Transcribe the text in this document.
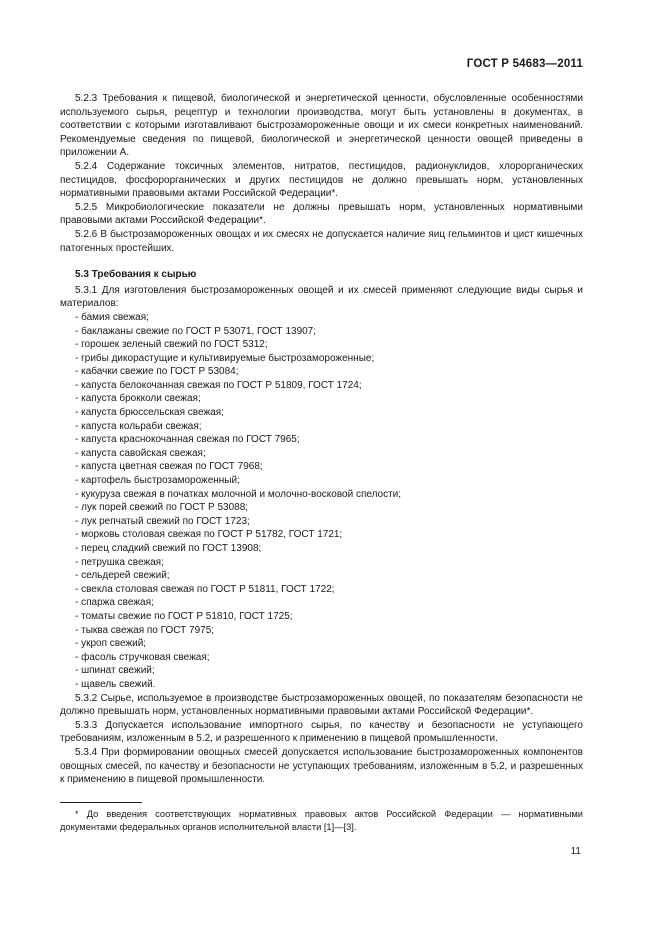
ГОСТ Р 54683—2011

5.2.3 Требования к пищевой, биологической и энергетической ценности, обусловленные особенностями используемого сырья, рецептур и технологии производства, могут быть установлены в документах, в соответствии с которыми изготавливают быстрозамороженные овощи и их смеси конкретных наименований. Рекомендуемые сведения по пищевой, биологической и энергетической ценности овощей приведены в приложении А.

5.2.4 Содержание токсичных элементов, нитратов, пестицидов, радионуклидов, хлорорганических пестицидов, фосфорорганических и других пестицидов не должно превышать норм, установленных нормативными правовыми актами Российской Федерации*.

5.2.5 Микробиологические показатели не должны превышать норм, установленных нормативными правовыми актами Российской Федерации*.

5.2.6 В быстрозамороженных овощах и их смесях не допускается наличие яиц гельминтов и цист кишечных патогенных простейших.

5.3 Требования к сырью

5.3.1 Для изготовления быстрозамороженных овощей и их смесей применяют следующие виды сырья и материалов:

- бамия свежая;
- баклажаны свежие по ГОСТ Р 53071, ГОСТ 13907;
- горошек зеленый свежий по ГОСТ 5312;
- грибы дикорастущие и культивируемые быстрозамороженные;
- кабачки свежие по ГОСТ Р 53084;
- капуста белокочанная свежая по ГОСТ Р 51809, ГОСТ 1724;
- капуста брокколи свежая;
- капуста брюссельская свежая;
- капуста кольраби свежая;
- капуста краснокочанная свежая по ГОСТ 7965;
- капуста савойская свежая;
- капуста цветная свежая по ГОСТ 7968;
- картофель быстрозамороженный;
- кукуруза свежая в початках молочной и молочно-восковой спелости;
- лук порей свежий по ГОСТ Р 53088;
- лук репчатый свежий по ГОСТ 1723;
- морковь столовая свежая по ГОСТ Р 51782, ГОСТ 1721;
- перец сладкий свежий по ГОСТ 13908;
- петрушка свежая;
- сельдерей свежий;
- свекла столовая свежая по ГОСТ Р 51811, ГОСТ 1722;
- спаржа свежая;
- томаты свежие по ГОСТ Р 51810, ГОСТ 1725;
- тыква свежая по ГОСТ 7975;
- укроп свежий;
- фасоль стручковая свежая;
- шпинат свежий;
- щавель свежий.

5.3.2 Сырье, используемое в производстве быстрозамороженных овощей, по показателям безопасности не должно превышать норм, установленных нормативными правовыми актами Российской Федерации*.

5.3.3 Допускается использование импортного сырья, по качеству и безопасности не уступающего требованиям, изложенным в 5.2, и разрешенного к применению в пищевой промышленности.

5.3.4 При формировании овощных смесей допускается использование быстрозамороженных компонентов овощных смесей, по качеству и безопасности не уступающих требованиям, изложенным в 5.2, и разрешенных к применению в пищевой промышленности.

* До введения соответствующих нормативных правовых актов Российской Федерации — нормативными документами федеральных органов исполнительной власти [1]—[3].
11
